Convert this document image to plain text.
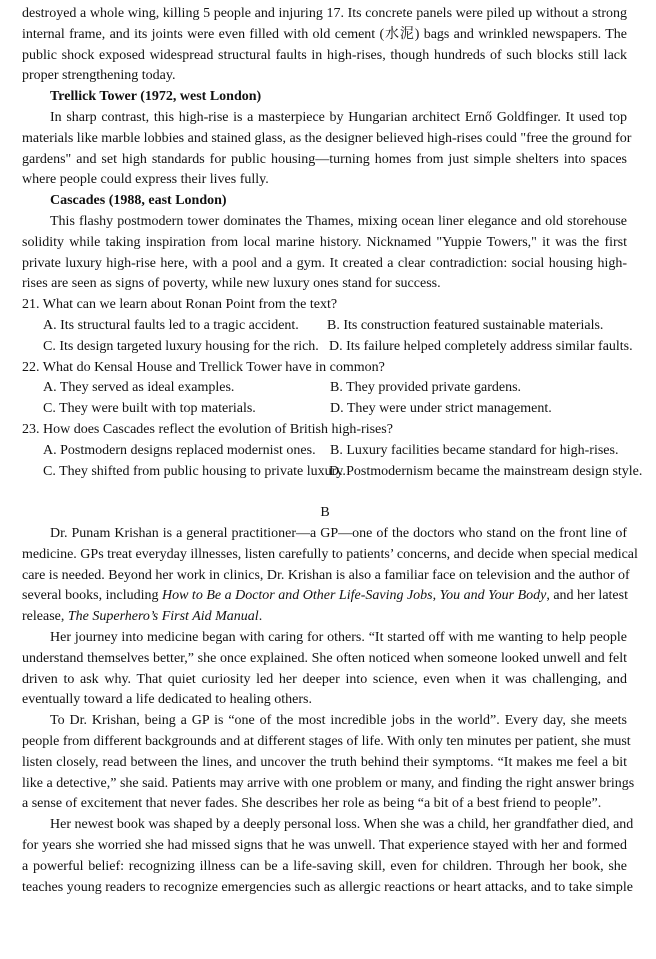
destroyed a whole wing, killing 5 people and injuring 17. Its concrete panels were piled up without a strong
internal frame, and its joints were even filled with old cement (水泥) bags and wrinkled newspapers. The
public shock exposed widespread structural faults in high-rises, though hundreds of such blocks still lack
proper strengthening today.
Trellick Tower (1972, west London)
In sharp contrast, this high-rise is a masterpiece by Hungarian architect Ernő Goldfinger. It used top
materials like marble lobbies and stained glass, as the designer believed high-rises could "free the ground for
gardens" and set high standards for public housing—turning homes from just simple shelters into spaces
where people could express their lives fully.
Cascades (1988, east London)
This flashy postmodern tower dominates the Thames, mixing ocean liner elegance and old storehouse
solidity while taking inspiration from local marine history. Nicknamed "Yuppie Towers," it was the first
private luxury high-rise here, with a pool and a gym. It created a clear contradiction: social housing high-
rises are seen as signs of poverty, while new luxury ones stand for success.
21. What can we learn about Ronan Point from the text?
A. Its structural faults led to a tragic accident. B. Its construction featured sustainable materials.
C. Its design targeted luxury housing for the rich. D. Its failure helped completely address similar faults.
22. What do Kensal House and Trellick Tower have in common?
A. They served as ideal examples.	B. They provided private gardens.
C. They were built with top materials.	D. They were under strict management.
23. How does Cascades reflect the evolution of British high-rises?
A. Postmodern designs replaced modernist ones. B. Luxury facilities became standard for high-rises.
C. They shifted from public housing to private luxury.
D. Postmodernism became the mainstream design style.
B
Dr. Punam Krishan is a general practitioner—a GP—one of the doctors who stand on the front line of
medicine. GPs treat everyday illnesses, listen carefully to patients’ concerns, and decide when special medical
care is needed. Beyond her work in clinics, Dr. Krishan is also a familiar face on television and the author of
several books, including How to Be a Doctor and Other Life-Saving Jobs, You and Your Body, and her latest
release, The Superhero’s First Aid Manual.
Her journey into medicine began with caring for others. “It started off with me wanting to help people
understand themselves better,” she once explained. She often noticed when someone looked unwell and felt
driven to ask why. That quiet curiosity led her deeper into science, even when it was challenging, and
eventually toward a life dedicated to healing others.
To Dr. Krishan, being a GP is “one of the most incredible jobs in the world”. Every day, she meets
people from different backgrounds and at different stages of life. With only ten minutes per patient, she must
listen closely, read between the lines, and uncover the truth behind their symptoms. “It makes me feel a bit
like a detective,” she said. Patients may arrive with one problem or many, and finding the right answer brings
a sense of excitement that never fades. She describes her role as being “a bit of a best friend to people”.
Her newest book was shaped by a deeply personal loss. When she was a child, her grandfather died, and
for years she worried she had missed signs that he was unwell. That experience stayed with her and formed
a powerful belief: recognizing illness can be a life-saving skill, even for children. Through her book, she
teaches young readers to recognize emergencies such as allergic reactions or heart attacks, and to take simple
